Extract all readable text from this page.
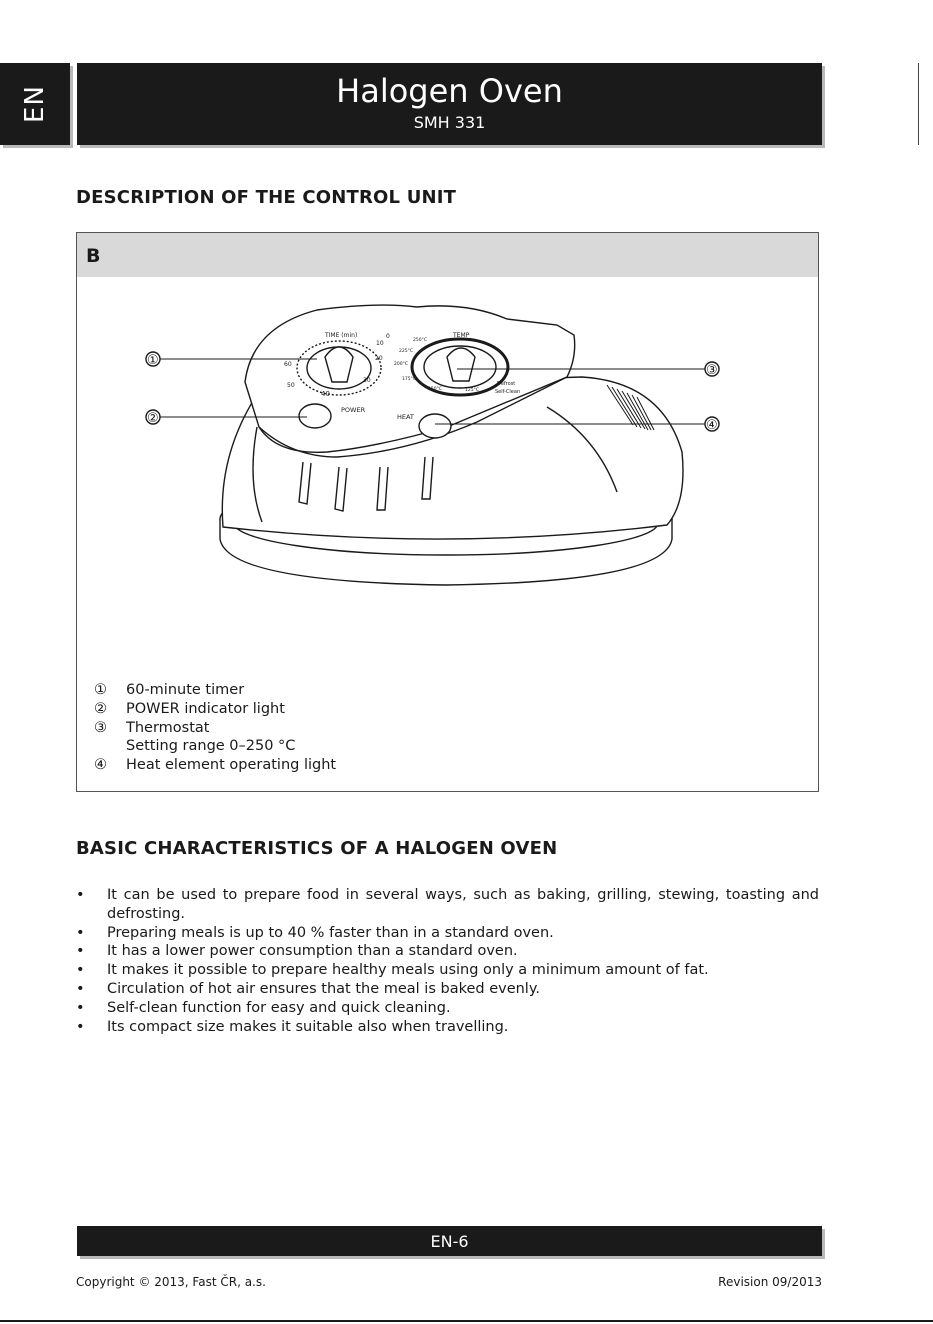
EN	Halogen Oven
SMH 331
DESCRIPTION OF THE CONTROL UNIT
B
TIME (min)
60
50
40
30
20
10
0
POWER
TEMP
250°C
225°C
200°C
175°C
150°C	125°C
Defrost
Self-Clean
HEAT
①
②
③
④
①	60-minute timer
②	POWER indicator light
③	Thermostat
Setting range 0–250 °C
④	Heat element operating light
BASIC CHARACTERISTICS OF A HALOGEN OVEN
•	It can be used to prepare food in several ways, such as baking, grilling, stewing, toasting and defrosting.
•	Preparing meals is up to 40 % faster than in a standard oven.
•	It has a lower power consumption than a standard oven.
•	It makes it possible to prepare healthy meals using only a minimum amount of fat.
•	Circulation of hot air ensures that the meal is baked evenly.
•	Self-clean function for easy and quick cleaning.
•	Its compact size makes it suitable also when travelling.
EN-6
Copyright © 2013, Fast ČR, a.s.	Revision 09/2013
